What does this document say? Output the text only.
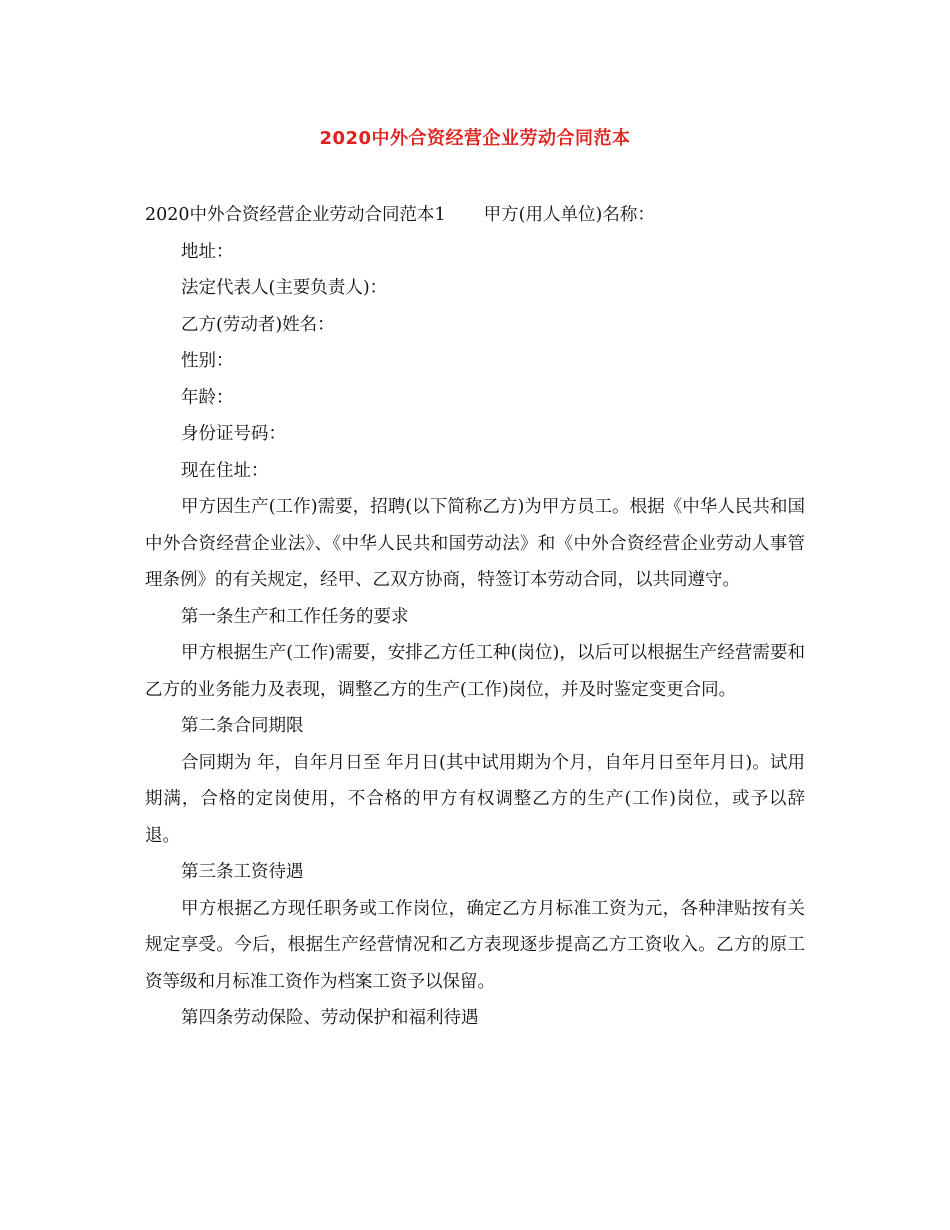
2020中外合资经营企业劳动合同范本
2020中外合资经营企业劳动合同范本1 甲方(用人单位)名称：
地址：
法定代表人(主要负责人)：
乙方(劳动者)姓名：
性别：
年龄：
身份证号码：
现在住址：

甲方因生产(工作)需要，招聘(以下简称乙方)为甲方员工。根据《中华人民共和国中外合资经营企业法》、《中华人民共和国劳动法》和《中外合资经营企业劳动人事管理条例》的有关规定，经甲、乙双方协商，特签订本劳动合同，以共同遵守。

第一条生产和工作任务的要求

甲方根据生产(工作)需要，安排乙方任工种(岗位)，以后可以根据生产经营需要和乙方的业务能力及表现，调整乙方的生产(工作)岗位，并及时鉴定变更合同。

第二条合同期限

合同期为 年，自年月日至 年月日(其中试用期为个月，自年月日至年月日)。试用期满，合格的定岗使用，不合格的甲方有权调整乙方的生产(工作)岗位，或予以辞退。

第三条工资待遇

甲方根据乙方现任职务或工作岗位，确定乙方月标准工资为元，各种津贴按有关规定享受。今后，根据生产经营情况和乙方表现逐步提高乙方工资收入。乙方的原工资等级和月标准工资作为档案工资予以保留。

第四条劳动保险、劳动保护和福利待遇
